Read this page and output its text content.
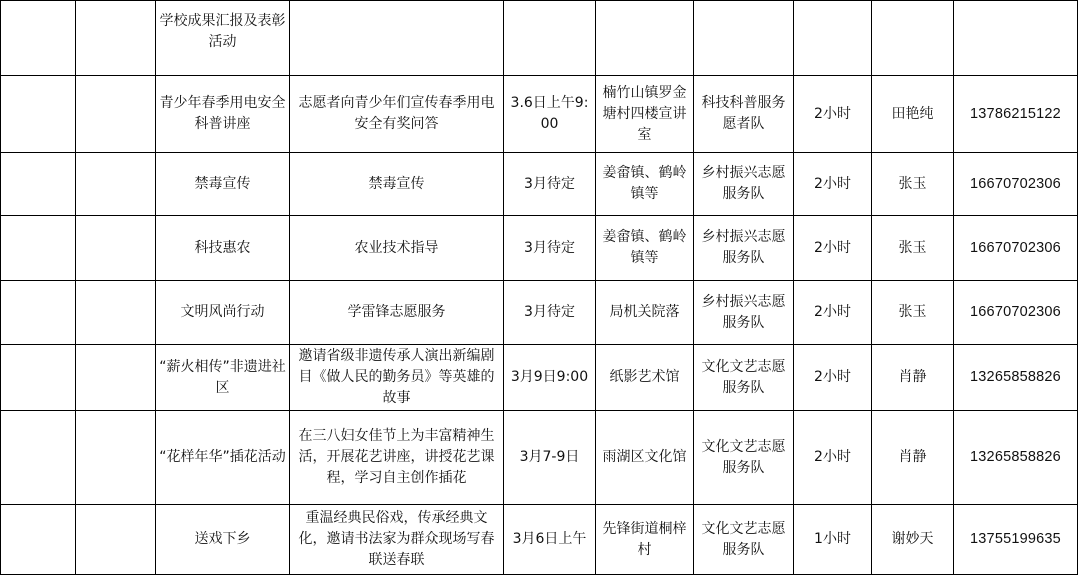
		学校成果汇报及表彰活动							
		青少年春季用电安全科普讲座	志愿者向青少年们宣传春季用电安全有奖问答	3.6日上午9:00	楠竹山镇罗金塘村四楼宣讲室	科技科普服务愿者队	2小时	田艳纯	13786215122
		禁毒宣传	禁毒宣传	3月待定	姜畲镇、鹤岭镇等	乡村振兴志愿服务队	2小时	张玉	16670702306
		科技惠农	农业技术指导	3月待定	姜畲镇、鹤岭镇等	乡村振兴志愿服务队	2小时	张玉	16670702306
		文明风尚行动	学雷锋志愿服务	3月待定	局机关院落	乡村振兴志愿服务队	2小时	张玉	16670702306
		“薪火相传”非遗进社区	邀请省级非遗传承人演出新编剧目《做人民的勤务员》等英雄的故事	3月9日9:00	纸影艺术馆	文化文艺志愿服务队	2小时	肖静	13265858826
		“花样年华”插花活动	在三八妇女佳节上为丰富精神生活，开展花艺讲座，讲授花艺课程，学习自主创作插花	3月7-9日	雨湖区文化馆	文化文艺志愿服务队	2小时	肖静	13265858826
		送戏下乡	重温经典民俗戏，传承经典文化，邀请书法家为群众现场写春联送春联	3月6日上午	先锋街道桐梓村	文化文艺志愿服务队	1小时	谢妙天	13755199635
